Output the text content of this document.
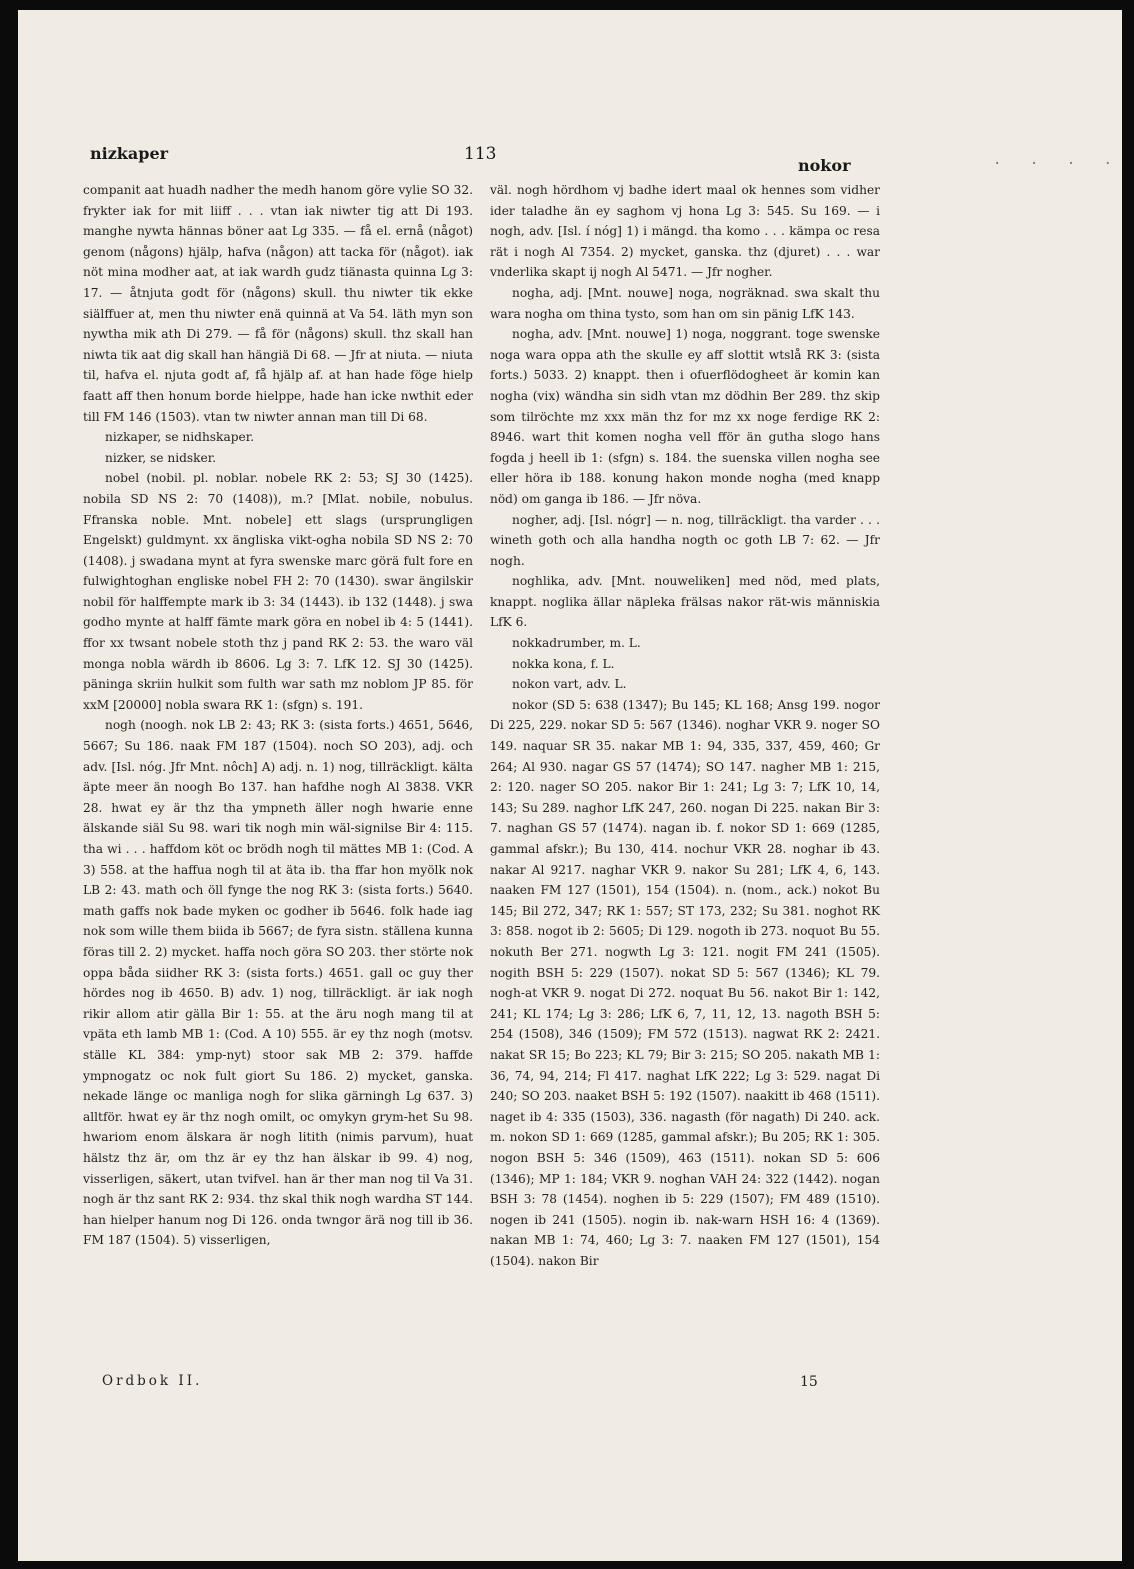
nizkaper	113
nokor	· · · ·

companit aat huadh nadher the medh hanom göre vylie SO 32. frykter iak for mit liiff . . . vtan iak niwter tig att Di 193. manghe nywta hännas böner aat Lg 335. — få el. ernå (något) genom (någons) hjälp, hafva (någon) att tacka för (något). iak nöt mina modher aat, at iak wardh gudz tiänasta quinna Lg 3: 17. — åtnjuta godt för (någons) skull. thu niwter tik ekke siälffuer at, men thu niwter enä quinnä at Va 54. läth myn son nywtha mik ath Di 279. — få för (någons) skull. thz skall han niwta tik aat dig skall han hängiä Di 68. — Jfr at niuta. — niuta til, hafva el. njuta godt af, få hjälp af. at han hade föge hielp faatt aff then honum borde hielppe, hade han icke nwthit eder till FM 146 (1503). vtan tw niwter annan man till Di 68.

nizkaper, se nidhskaper.

nizker, se nidsker.

nobel (nobil. pl. noblar. nobele RK 2: 53; SJ 30 (1425). nobila SD NS 2: 70 (1408)), m.? [Mlat. nobile, nobulus. Ffranska noble. Mnt. nobele] ett slags (ursprungligen Engelskt) guldmynt. xx ängliska vikt-ogha nobila SD NS 2: 70 (1408). j swadana mynt at fyra swenske marc görä fult fore en fulwightoghan engliske nobel FH 2: 70 (1430). swar ängilskir nobil för halffempte mark ib 3: 34 (1443). ib 132 (1448). j swa godho mynte at halff fämte mark göra en nobel ib 4: 5 (1441). ffor xx twsant nobele stoth thz j pand RK 2: 53. the waro väl monga nobla wärdh ib 8606. Lg 3: 7. LfK 12. SJ 30 (1425). päninga skriin hulkit som fulth war sath mz noblom JP 85. för xxM [20000] nobla swara RK 1: (sfgn) s. 191.

nogh (noogh. nok LB 2: 43; RK 3: (sista forts.) 4651, 5646, 5667; Su 186. naak FM 187 (1504). noch SO 203), adj. och adv. [Isl. nóg. Jfr Mnt. nôch] A) adj. n. 1) nog, tillräckligt. kälta äpte meer än noogh Bo 137. han hafdhe nogh Al 3838. VKR 28. hwat ey är thz tha ympneth äller nogh hwarie enne älskande siäl Su 98. wari tik nogh min wäl-signilse Bir 4: 115. tha wi . . . haffdom köt oc brödh nogh til mättes MB 1: (Cod. A 3) 558. at the haffua nogh til at äta ib. tha ffar hon myölk nok LB 2: 43. math och öll fynge the nog RK 3: (sista forts.) 5640. math gaffs nok bade myken oc godher ib 5646. folk hade iag nok som wille them biida ib 5667; de fyra sistn. ställena kunna föras till 2. 2) mycket. haffa noch göra SO 203. ther störte nok oppa båda siidher RK 3: (sista forts.) 4651. gall oc guy ther hördes nog ib 4650. B) adv. 1) nog, tillräckligt. är iak nogh rikir allom atir gälla Bir 1: 55. at the äru nogh mang til at vpäta eth lamb MB 1: (Cod. A 10) 555. är ey thz nogh (motsv. ställe KL 384: ymp-nyt) stoor sak MB 2: 379. haffde ympnogatz oc nok fult giort Su 186. 2) mycket, ganska. nekade länge oc manliga nogh for slika gärningh Lg 637. 3) alltför. hwat ey är thz nogh omilt, oc omykyn grym-het Su 98. hwariom enom älskara är nogh litith (nimis parvum), huat hälstz thz är, om thz är ey thz han älskar ib 99. 4) nog, visserligen, säkert, utan tvifvel. han är ther man nog til Va 31. nogh är thz sant RK 2: 934. thz skal thik nogh wardha ST 144. han hielper hanum nog Di 126. onda twngor ärä nog till ib 36. FM 187 (1504). 5) visserligen,

väl. nogh hördhom vj badhe idert maal ok hennes som vidher ider taladhe än ey saghom vj hona Lg 3: 545. Su 169. — i nogh, adv. [Isl. í nóg] 1) i mängd. tha komo . . . kämpa oc resa rät i nogh Al 7354. 2) mycket, ganska. thz (djuret) . . . war vnderlika skapt ij nogh Al 5471. — Jfr nogher.

nogha, adj. [Mnt. nouwe] noga, nogräknad. swa skalt thu wara nogha om thina tysto, som han om sin pänig LfK 143.

nogha, adv. [Mnt. nouwe] 1) noga, noggrant. toge swenske noga wara oppa ath the skulle ey aff slottit wtslå RK 3: (sista forts.) 5033. 2) knappt. then i ofuerflödogheet är komin kan nogha (vix) wändha sin sidh vtan mz dödhin Ber 289. thz skip som tilröchte mz xxx män thz for mz xx noge ferdige RK 2: 8946. wart thit komen nogha vell fför än gutha slogo hans fogda j heell ib 1: (sfgn) s. 184. the suenska villen nogha see eller höra ib 188. konung hakon monde nogha (med knapp nöd) om ganga ib 186. — Jfr növa.

nogher, adj. [Isl. nógr] — n. nog, tillräckligt. tha varder . . . wineth goth och alla handha nogth oc goth LB 7: 62. — Jfr nogh.

noghlika, adv. [Mnt. nouweliken] med nöd, med plats, knappt. noglika ällar näpleka frälsas nakor rät-wis människia LfK 6.

nokkadrumber, m. L.

nokka kona, f. L.

nokon vart, adv. L.

nokor (SD 5: 638 (1347); Bu 145; KL 168; Ansg 199. nogor Di 225, 229. nokar SD 5: 567 (1346). noghar VKR 9. noger SO 149. naquar SR 35. nakar MB 1: 94, 335, 337, 459, 460; Gr 264; Al 930. nagar GS 57 (1474); SO 147. nagher MB 1: 215, 2: 120. nager SO 205. nakor Bir 1: 241; Lg 3: 7; LfK 10, 14, 143; Su 289. naghor LfK 247, 260. nogan Di 225. nakan Bir 3: 7. naghan GS 57 (1474). nagan ib. f. nokor SD 1: 669 (1285, gammal afskr.); Bu 130, 414. nochur VKR 28. noghar ib 43. nakar Al 9217. naghar VKR 9. nakor Su 281; LfK 4, 6, 143. naaken FM 127 (1501), 154 (1504). n. (nom., ack.) nokot Bu 145; Bil 272, 347; RK 1: 557; ST 173, 232; Su 381. noghot RK 3: 858. nogot ib 2: 5605; Di 129. nogoth ib 273. noquot Bu 55. nokuth Ber 271. nogwth Lg 3: 121. nogit FM 241 (1505). nogith BSH 5: 229 (1507). nokat SD 5: 567 (1346); KL 79. nogh-at VKR 9. nogat Di 272. noquat Bu 56. nakot Bir 1: 142, 241; KL 174; Lg 3: 286; LfK 6, 7, 11, 12, 13. nagoth BSH 5: 254 (1508), 346 (1509); FM 572 (1513). nagwat RK 2: 2421. nakat SR 15; Bo 223; KL 79; Bir 3: 215; SO 205. nakath MB 1: 36, 74, 94, 214; Fl 417. naghat LfK 222; Lg 3: 529. nagat Di 240; SO 203. naaket BSH 5: 192 (1507). naakitt ib 468 (1511). naget ib 4: 335 (1503), 336. nagasth (för nagath) Di 240. ack. m. nokon SD 1: 669 (1285, gammal afskr.); Bu 205; RK 1: 305. nogon BSH 5: 346 (1509), 463 (1511). nokan SD 5: 606 (1346); MP 1: 184; VKR 9. noghan VAH 24: 322 (1442). nogan BSH 3: 78 (1454). noghen ib 5: 229 (1507); FM 489 (1510). nogen ib 241 (1505). nogin ib. nak-warn HSH 16: 4 (1369). nakan MB 1: 74, 460; Lg 3: 7. naaken FM 127 (1501), 154 (1504). nakon Bir

Ordbok II.	15
